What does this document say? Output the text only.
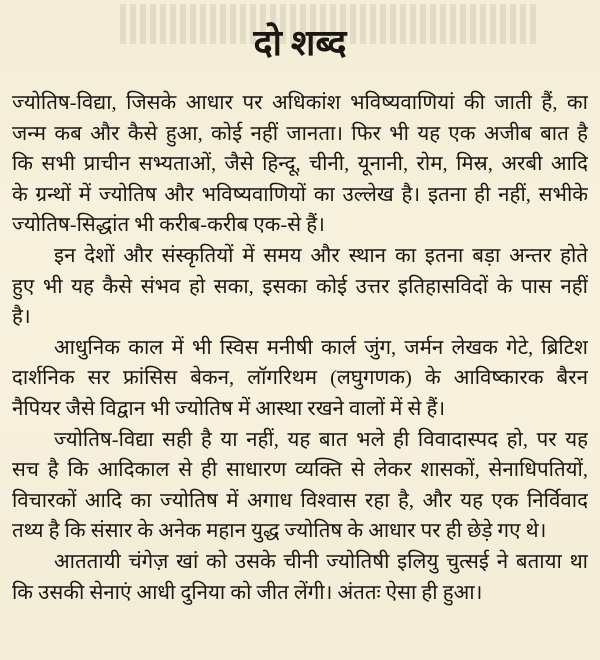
दो शब्द
ज्योतिष-विद्या, जिसके आधार पर अधिकांश भविष्यवाणियां की जाती हैं, का
जन्म कब और कैसे हुआ, कोई नहीं जानता। फिर भी यह एक अजीब बात है
कि सभी प्राचीन सभ्यताओं, जैसे हिन्दू, चीनी, यूनानी, रोम, मिस्र, अरबी आदि
के ग्रन्थों में ज्योतिष और भविष्यवाणियों का उल्लेख है। इतना ही नहीं, सभीके
ज्योतिष-सिद्धांत भी करीब-करीब एक-से हैं।
इन देशों और संस्कृतियों में समय और स्थान का इतना बड़ा अन्तर होते
हुए भी यह कैसे संभव हो सका, इसका कोई उत्तर इतिहासविदों के पास नहीं
है।
आधुनिक काल में भी स्विस मनीषी कार्ल जुंग, जर्मन लेखक गेटे, ब्रिटिश
दार्शनिक सर फ्रांसिस बेकन, लॉगरिथम (लघुगणक) के आविष्कारक बैरन
नैपियर जैसे विद्वान भी ज्योतिष में आस्था रखने वालों में से हैं।
ज्योतिष-विद्या सही है या नहीं, यह बात भले ही विवादास्पद हो, पर यह
सच है कि आदिकाल से ही साधारण व्यक्ति से लेकर शासकों, सेनाधिपतियों,
विचारकों आदि का ज्योतिष में अगाध विश्वास रहा है, और यह एक निर्विवाद
तथ्य है कि संसार के अनेक महान युद्ध ज्योतिष के आधार पर ही छेड़े गए थे।
आततायी चंगेज़ खां को उसके चीनी ज्योतिषी इलियु चुत्सई ने बताया था
कि उसकी सेनाएं आधी दुनिया को जीत लेंगी। अंततः ऐसा ही हुआ।
